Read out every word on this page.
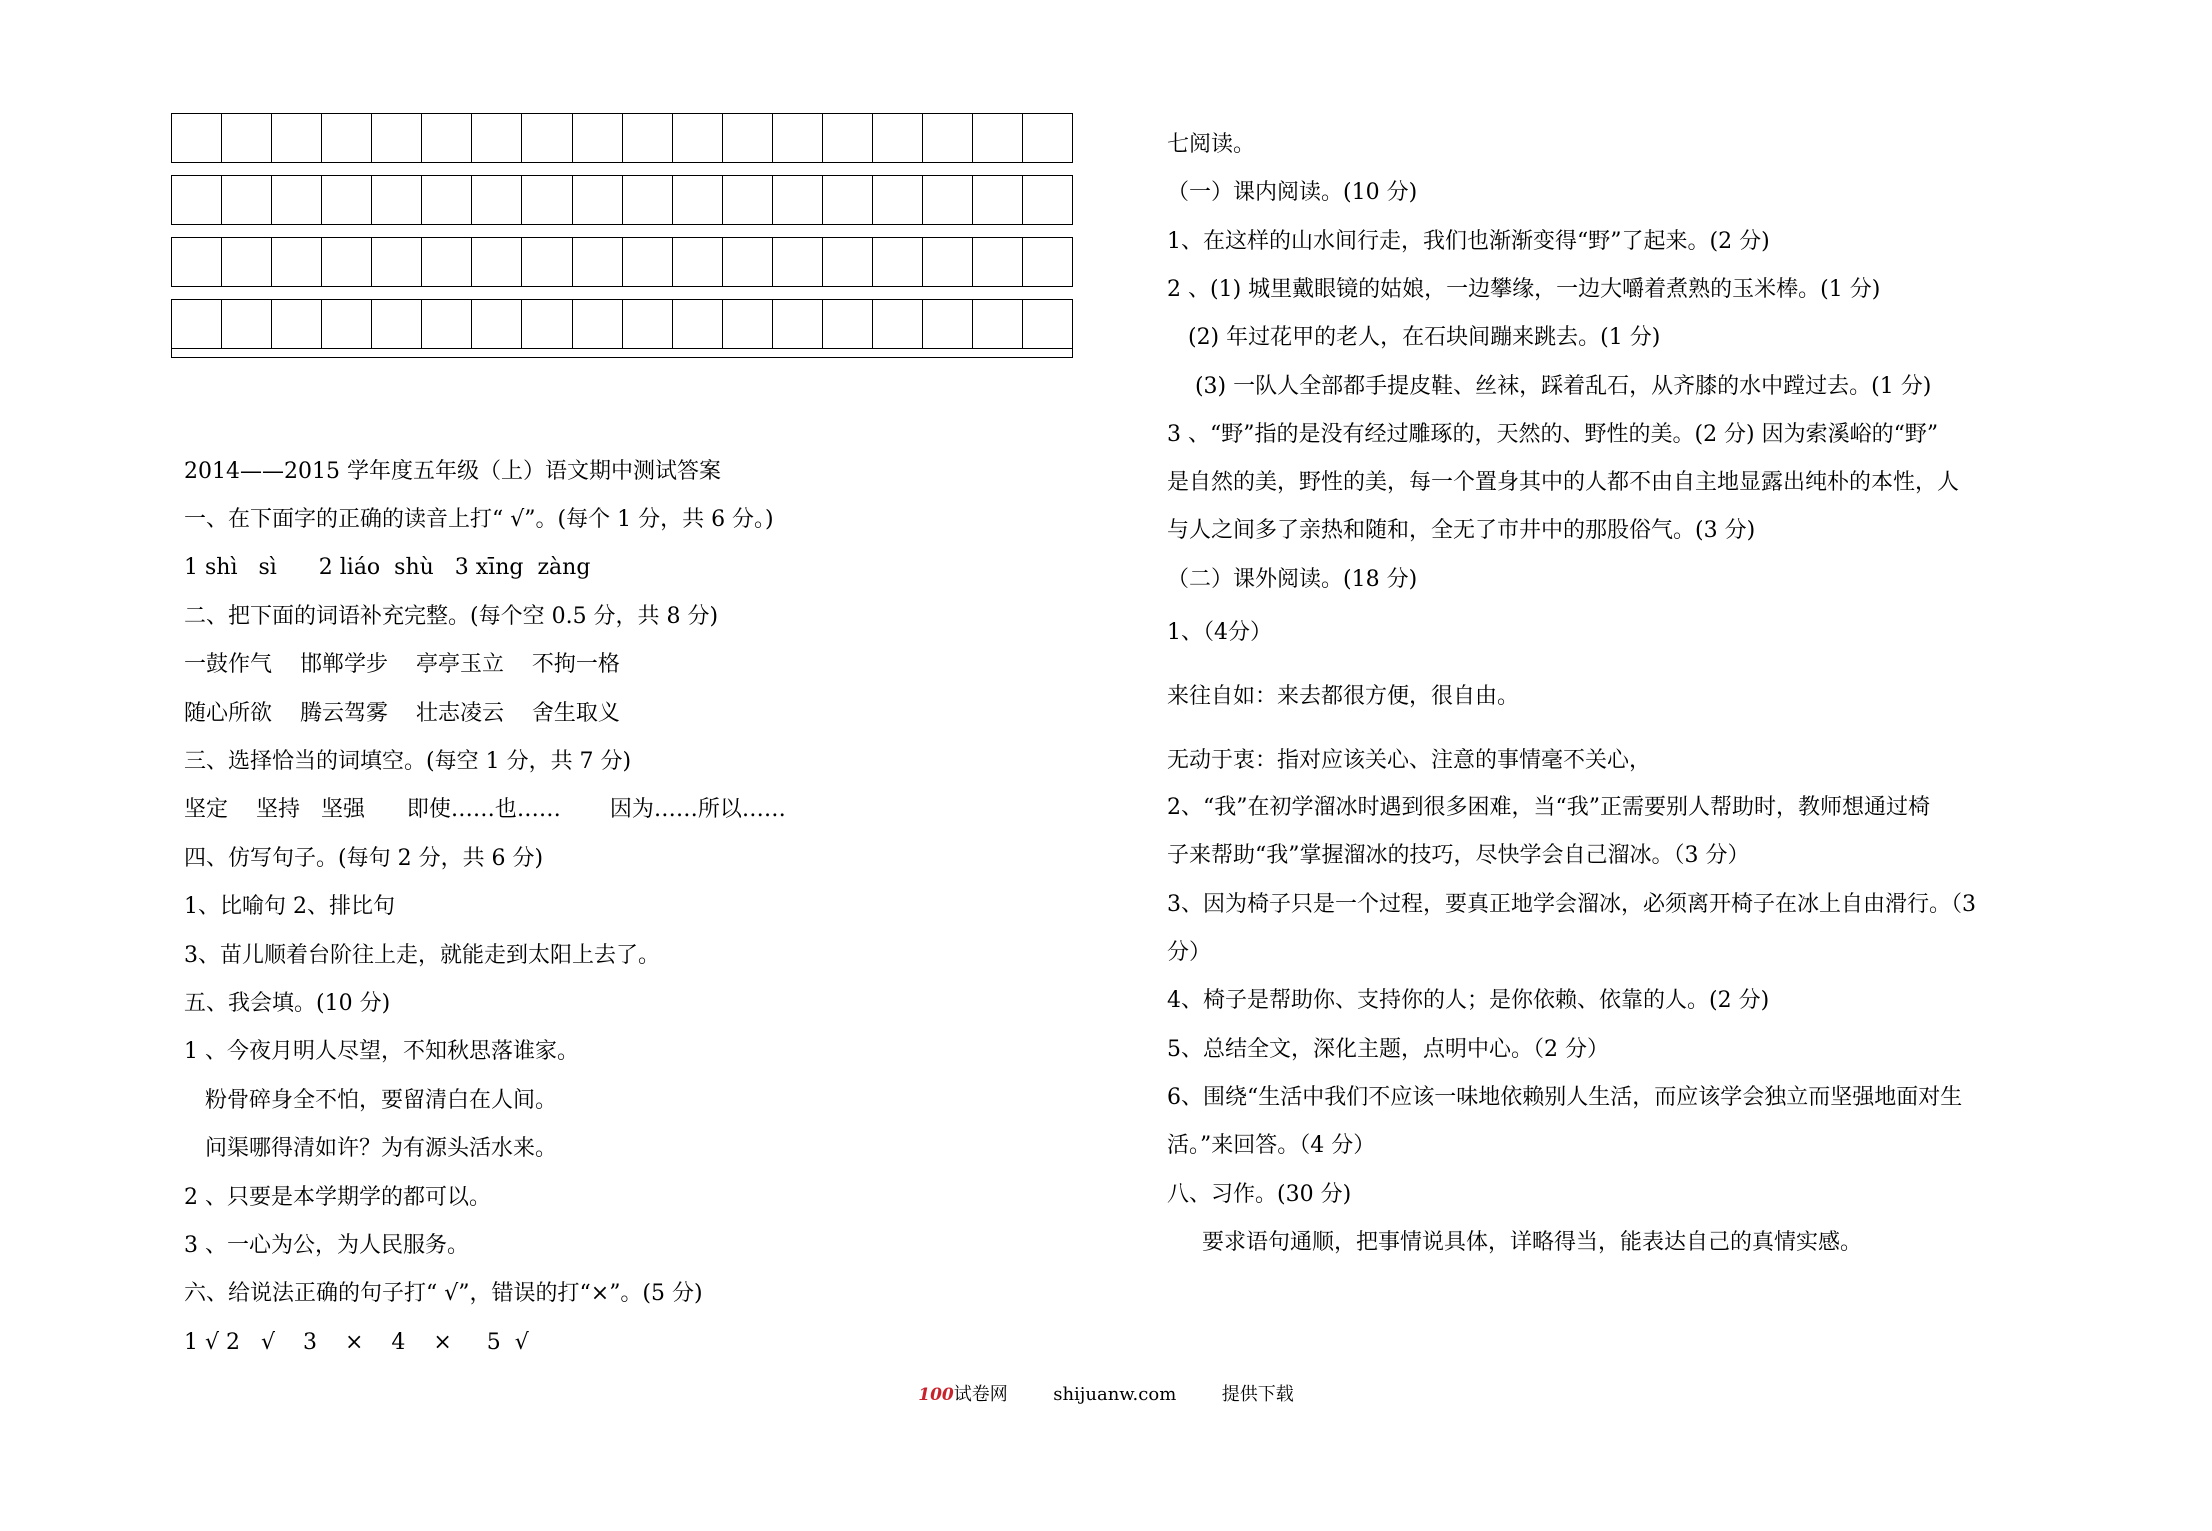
2014——2015 学年度五年级（上）语文期中测试答案
一、在下面字的正确的读音上打“ √”。(每个 1 分，共 6 分。)
1 shì   sì      2 liáo  shù   3 xīng  zàng
二、把下面的词语补充完整。(每个空 0.5 分，共 8 分)
一鼓作气    邯郸学步    亭亭玉立    不拘一格
随心所欲    腾云驾雾    壮志凌云    舍生取义
三、选择恰当的词填空。(每空 1 分，共 7 分)
坚定    坚持   坚强      即使……也……       因为……所以……
四、仿写句子。(每句 2 分，共 6 分)
1、比喻句 2、排比句
3、苗儿顺着台阶往上走，就能走到太阳上去了。
五、我会填。(10 分)
1 、今夜月明人尽望，不知秋思落谁家。
粉骨碎身全不怕，要留清白在人间。
问渠哪得清如许？为有源头活水来。
2 、只要是本学期学的都可以。
3 、一心为公，为人民服务。
六、给说法正确的句子打“ √”，错误的打“×”。(5 分)
1 √ 2   √    3    ×    4    ×     5  √
七阅读。
（一）课内阅读。(10 分)
1、在这样的山水间行走，我们也渐渐变得“野”了起来。(2 分)
2 、(1) 城里戴眼镜的姑娘，一边攀缘，一边大嚼着煮熟的玉米棒。(1 分)
(2) 年过花甲的老人，在石块间蹦来跳去。(1 分)
(3) 一队人全部都手提皮鞋、丝袜，踩着乱石，从齐膝的水中蹚过去。(1 分)
3 、“野”指的是没有经过雕琢的，天然的、野性的美。(2 分) 因为索溪峪的“野”
是自然的美，野性的美，每一个置身其中的人都不由自主地显露出纯朴的本性，人
与人之间多了亲热和随和，全无了市井中的那股俗气。(3 分)
（二）课外阅读。(18 分)
1、（4分）
来往自如：来去都很方便，很自由。
无动于衷：指对应该关心、注意的事情毫不关心，
2、“我”在初学溜冰时遇到很多困难，当“我”正需要别人帮助时，教师想通过椅
子来帮助“我”掌握溜冰的技巧，尽快学会自己溜冰。（3 分）
3、因为椅子只是一个过程，要真正地学会溜冰，必须离开椅子在冰上自由滑行。（3
分）
4、椅子是帮助你、支持你的人；是你依赖、依靠的人。(2 分)
5、总结全文，深化主题，点明中心。（2 分）
6、围绕“生活中我们不应该一味地依赖别人生活，而应该学会独立而坚强地面对生
活。”来回答。（4 分）
八、习作。(30 分)
要求语句通顺，把事情说具体，详略得当，能表达自己的真情实感。
100试卷网	shijuanw.com	提供下载
